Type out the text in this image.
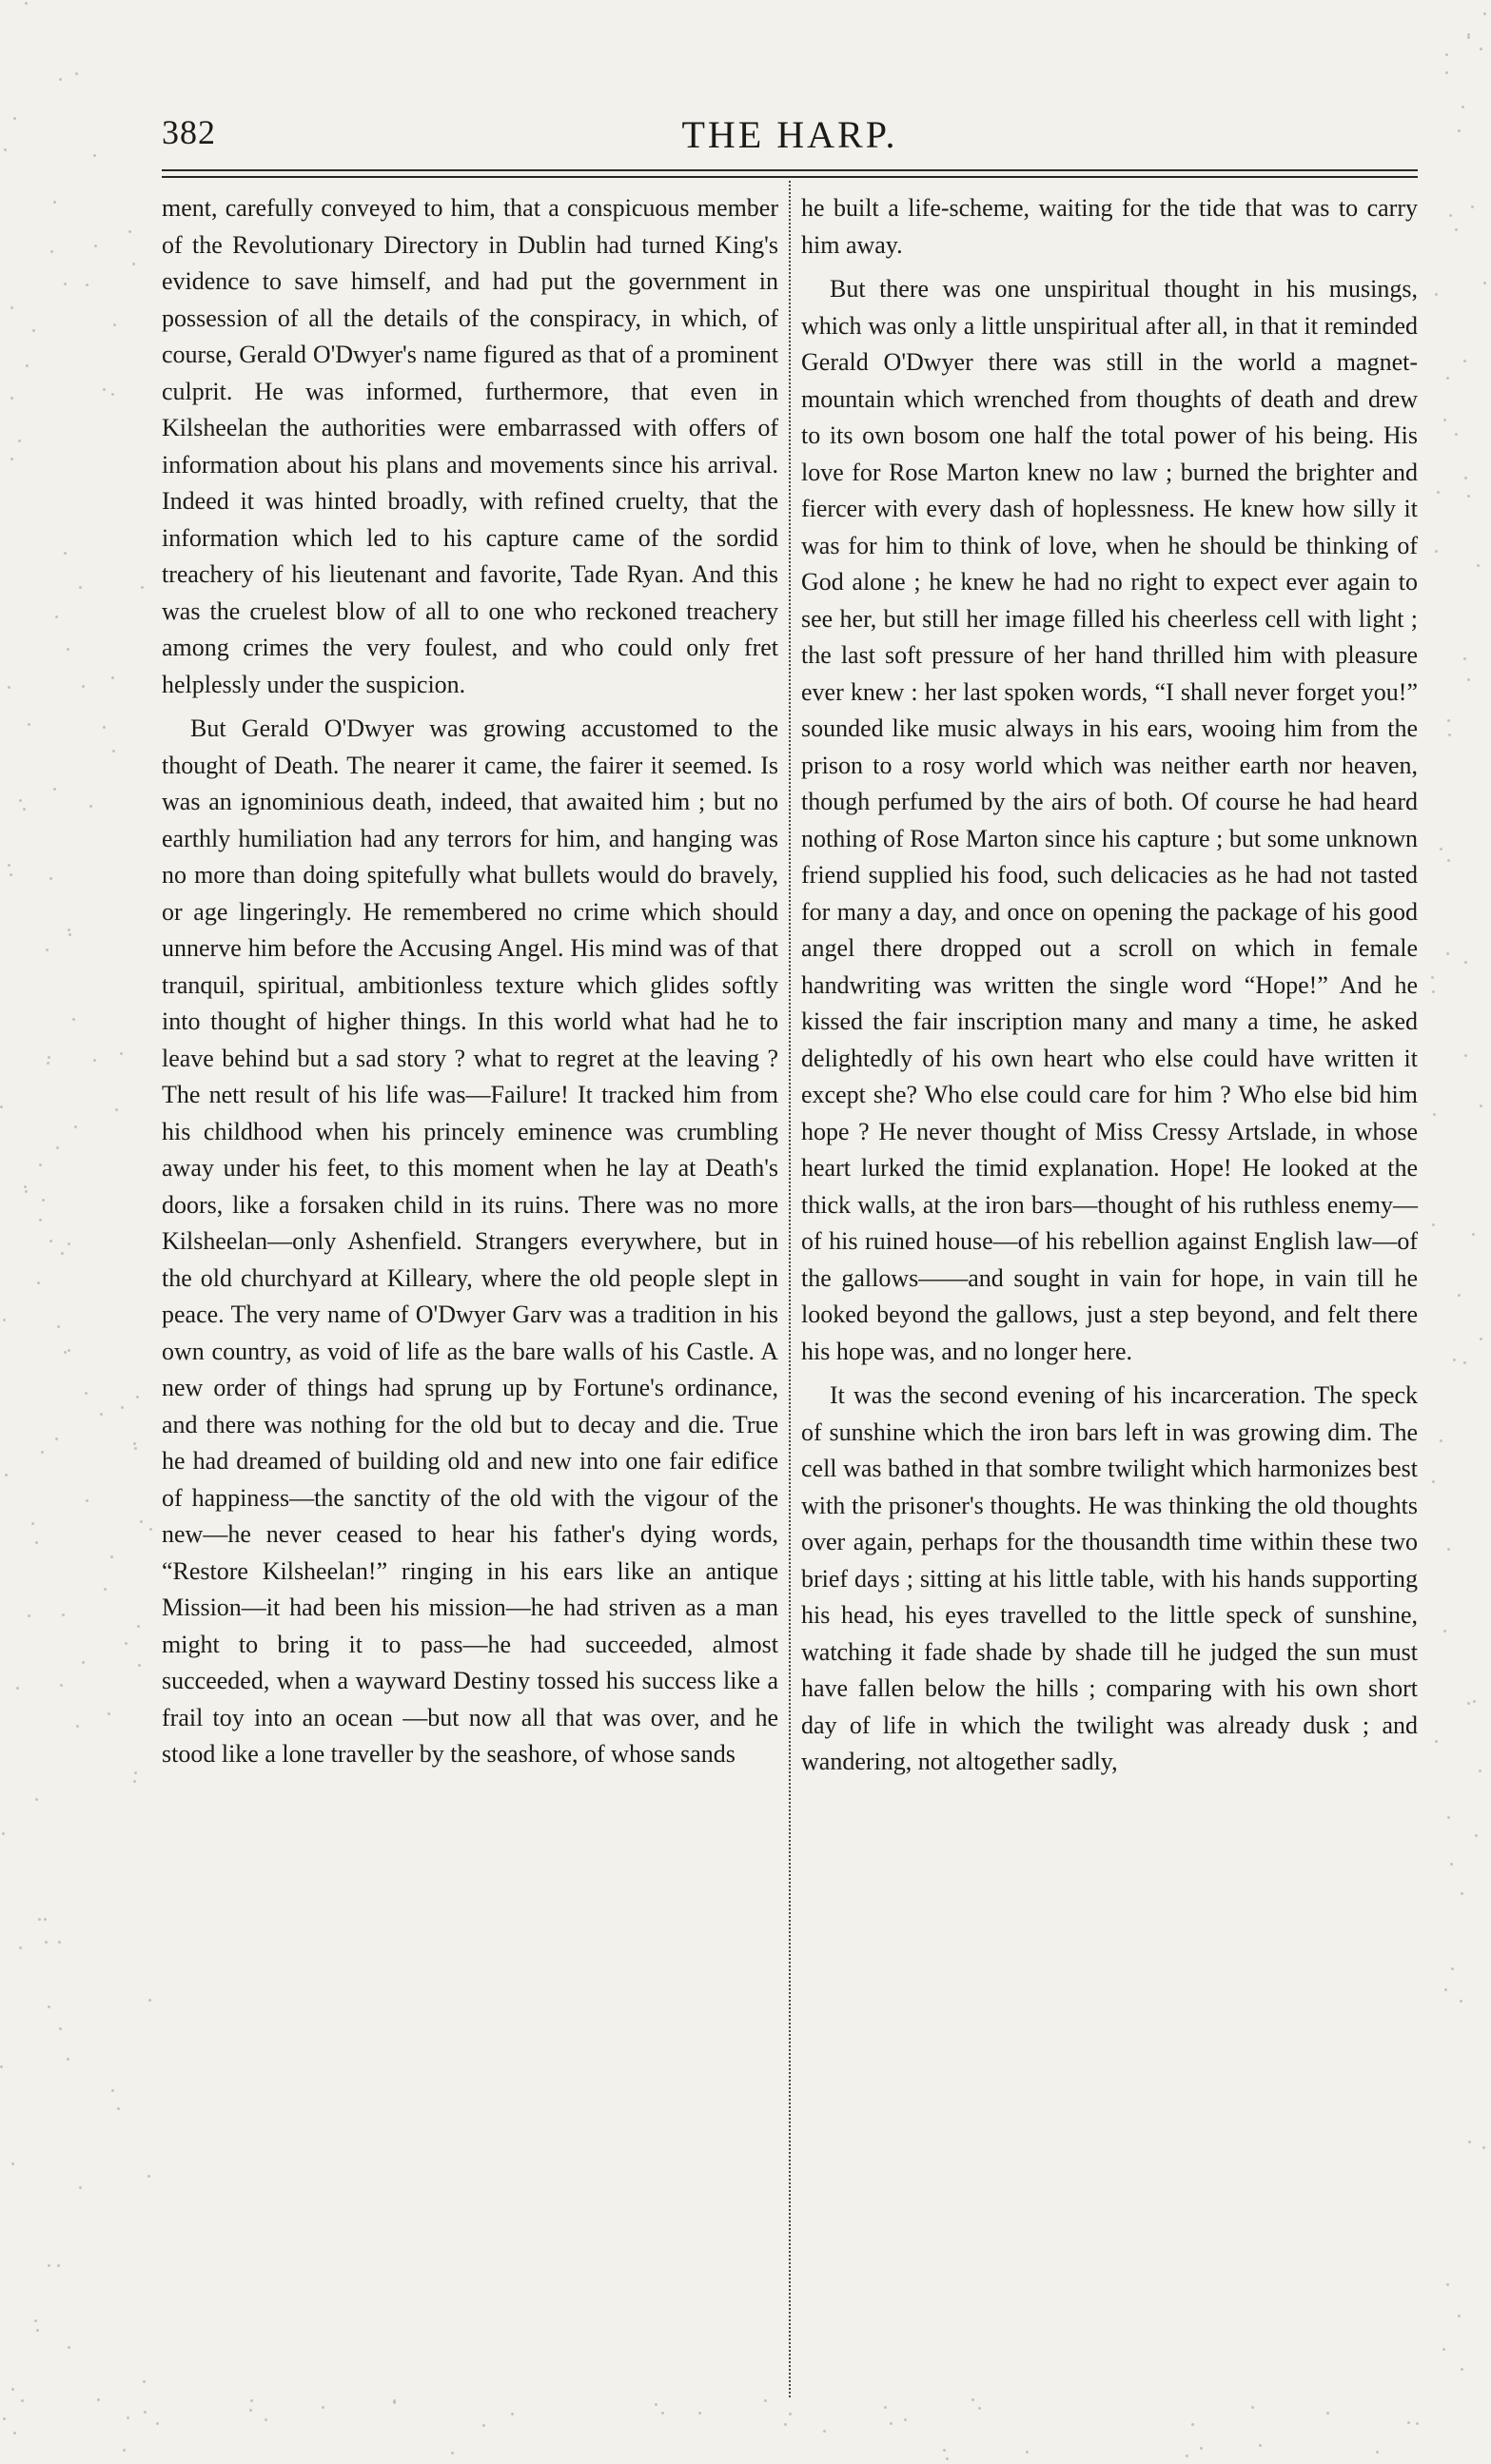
382	THE HARP.

ment, carefully conveyed to him, that a conspicuous member of the Revolutionary Directory in Dublin had turned King's evidence to save himself, and had put the government in possession of all the details of the conspiracy, in which, of course, Gerald O'Dwyer's name figured as that of a prominent culprit. He was informed, furthermore, that even in Kilsheelan the authorities were embarrassed with offers of information about his plans and movements since his arrival. Indeed it was hinted broadly, with refined cruelty, that the information which led to his capture came of the sordid treachery of his lieutenant and favorite, Tade Ryan. And this was the cruelest blow of all to one who reckoned treachery among crimes the very foulest, and who could only fret helplessly under the suspicion.

But Gerald O'Dwyer was growing accustomed to the thought of Death. The nearer it came, the fairer it seemed. Is was an ignominious death, indeed, that awaited him ; but no earthly humiliation had any terrors for him, and hanging was no more than doing spitefully what bullets would do bravely, or age lingeringly. He remembered no crime which should unnerve him before the Accusing Angel. His mind was of that tranquil, spiritual, ambitionless texture which glides softly into thought of higher things. In this world what had he to leave behind but a sad story ? what to regret at the leaving ? The nett result of his life was—Failure! It tracked him from his childhood when his princely eminence was crumbling away under his feet, to this moment when he lay at Death's doors, like a forsaken child in its ruins. There was no more Kilsheelan—only Ashenfield. Strangers everywhere, but in the old churchyard at Killeary, where the old people slept in peace. The very name of O'Dwyer Garv was a tradition in his own country, as void of life as the bare walls of his Castle. A new order of things had sprung up by Fortune's ordinance, and there was nothing for the old but to decay and die. True he had dreamed of building old and new into one fair edifice of happiness—the sanctity of the old with the vigour of the new—he never ceased to hear his father's dying words, “Restore Kilsheelan!” ringing in his ears like an antique Mission—it had been his mission—he had striven as a man might to bring it to pass—he had succeeded, almost succeeded, when a wayward Destiny tossed his success like a frail toy into an ocean —but now all that was over, and he stood like a lone traveller by the seashore, of whose sands

he built a life-scheme, waiting for the tide that was to carry him away.

But there was one unspiritual thought in his musings, which was only a little unspiritual after all, in that it reminded Gerald O'Dwyer there was still in the world a magnet-mountain which wrenched from thoughts of death and drew to its own bosom one half the total power of his being. His love for Rose Marton knew no law ; burned the brighter and fiercer with every dash of hoplessness. He knew how silly it was for him to think of love, when he should be thinking of God alone ; he knew he had no right to expect ever again to see her, but still her image filled his cheerless cell with light ; the last soft pressure of her hand thrilled him with pleasure ever knew : her last spoken words, “I shall never forget you!” sounded like music always in his ears, wooing him from the prison to a rosy world which was neither earth nor heaven, though perfumed by the airs of both. Of course he had heard nothing of Rose Marton since his capture ; but some unknown friend supplied his food, such delicacies as he had not tasted for many a day, and once on opening the package of his good angel there dropped out a scroll on which in female handwriting was written the single word “Hope!” And he kissed the fair inscription many and many a time, he asked delightedly of his own heart who else could have written it except she? Who else could care for him ? Who else bid him hope ? He never thought of Miss Cressy Artslade, in whose heart lurked the timid explanation. Hope! He looked at the thick walls, at the iron bars—thought of his ruthless enemy—of his ruined house—of his rebellion against English law—of the gallows——and sought in vain for hope, in vain till he looked beyond the gallows, just a step beyond, and felt there his hope was, and no longer here.

It was the second evening of his incarceration. The speck of sunshine which the iron bars left in was growing dim. The cell was bathed in that sombre twilight which harmonizes best with the prisoner's thoughts. He was thinking the old thoughts over again, perhaps for the thousandth time within these two brief days ; sitting at his little table, with his hands supporting his head, his eyes travelled to the little speck of sunshine, watching it fade shade by shade till he judged the sun must have fallen below the hills ; comparing with his own short day of life in which the twilight was already dusk ; and wandering, not altogether sadly,
